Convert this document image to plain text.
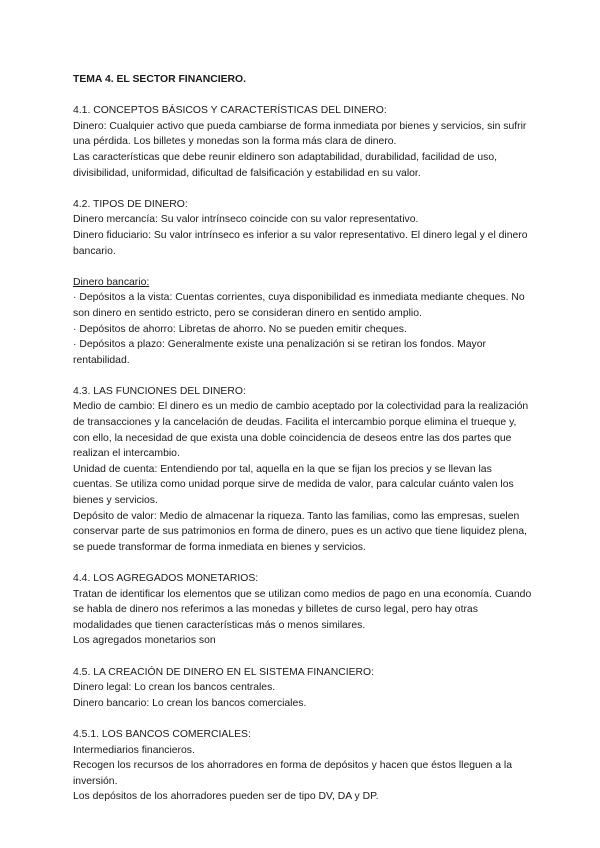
TEMA 4. EL SECTOR FINANCIERO.

4.1. CONCEPTOS BÁSICOS Y CARACTERÍSTICAS DEL DINERO:

Dinero: Cualquier activo que pueda cambiarse de forma inmediata por bienes y servicios, sin sufrir una pérdida. Los billetes y monedas son la forma más clara de dinero.

Las características que debe reunir eldinero son adaptabilidad, durabilidad, facilidad de uso, divisibilidad, uniformidad, dificultad de falsificación y estabilidad en su valor.

4.2. TIPOS DE DINERO:

Dinero mercancía: Su valor intrínseco coincide con su valor representativo.

Dinero fiduciario: Su valor intrínseco es inferior a su valor representativo. El dinero legal y el dinero bancario.

Dinero bancario:

· Depósitos a la vista: Cuentas corrientes, cuya disponibilidad es inmediata mediante cheques. No son dinero en sentido estricto, pero se consideran dinero en sentido amplio.

· Depósitos de ahorro: Libretas de ahorro. No se pueden emitir cheques.

· Depósitos a plazo: Generalmente existe una penalización si se retiran los fondos. Mayor rentabilidad.

4.3. LAS FUNCIONES DEL DINERO:

Medio de cambio: El dinero es un medio de cambio aceptado por la colectividad para la realización de transacciones y la cancelación de deudas. Facilita el intercambio porque elimina el trueque y, con ello, la necesidad de que exista una doble coincidencia de deseos entre las dos partes que realizan el intercambio.

Unidad de cuenta: Entendiendo por tal, aquella en la que se fijan los precios y se llevan las cuentas. Se utiliza como unidad porque sirve de medida de valor, para calcular cuánto valen los bienes y servicios.

Depósito de valor: Medio de almacenar la riqueza. Tanto las familias, como las empresas, suelen conservar parte de sus patrimonios en forma de dinero, pues es un activo que tiene liquidez plena, se puede transformar de forma inmediata en bienes y servicios.

4.4. LOS AGREGADOS MONETARIOS:

Tratan de identificar los elementos que se utilizan como medios de pago en una economía. Cuando se habla de dinero nos referimos a las monedas y billetes de curso legal, pero hay otras modalidades que tienen características más o menos similares.

Los agregados monetarios son

4.5. LA CREACIÓN DE DINERO EN EL SISTEMA FINANCIERO:

Dinero legal: Lo crean los bancos centrales.

Dinero bancario: Lo crean los bancos comerciales.

4.5.1. LOS BANCOS COMERCIALES:

Intermediarios financieros.

Recogen los recursos de los ahorradores en forma de depósitos y hacen que éstos lleguen a la inversión.

Los depósitos de los ahorradores pueden ser de tipo DV, DA y DP.
